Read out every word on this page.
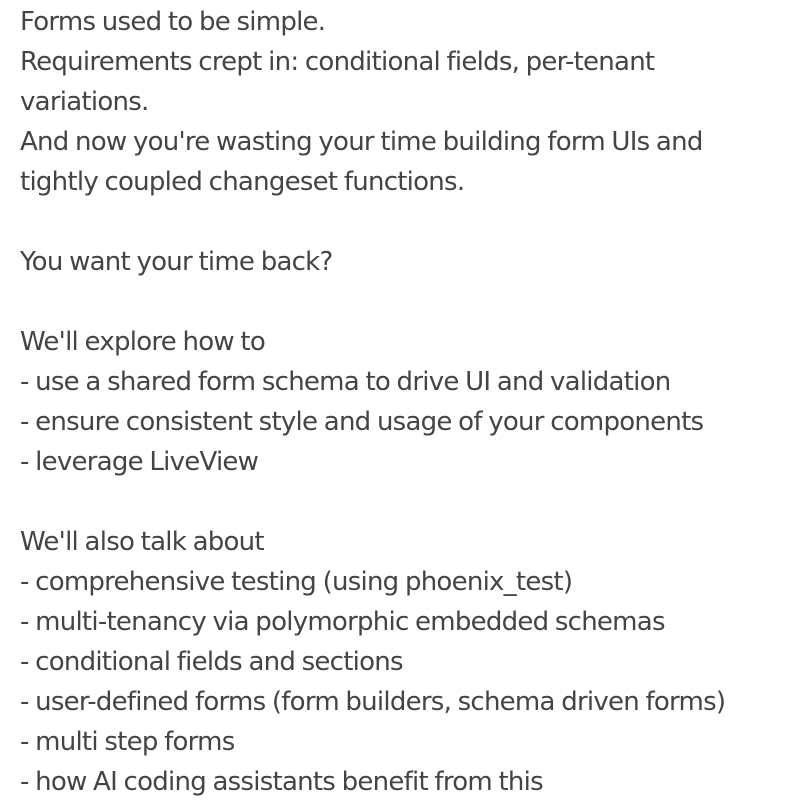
Forms used to be simple.
Requirements crept in: conditional fields, per-tenant
variations.
And now you're wasting your time building form UIs and
tightly coupled changeset functions.
You want your time back?
We'll explore how to
- use a shared form schema to drive UI and validation
- ensure consistent style and usage of your components
- leverage LiveView
We'll also talk about
- comprehensive testing (using phoenix_test)
- multi-tenancy via polymorphic embedded schemas
- conditional fields and sections
- user-defined forms (form builders, schema driven forms)
- multi step forms
- how AI coding assistants benefit from this
